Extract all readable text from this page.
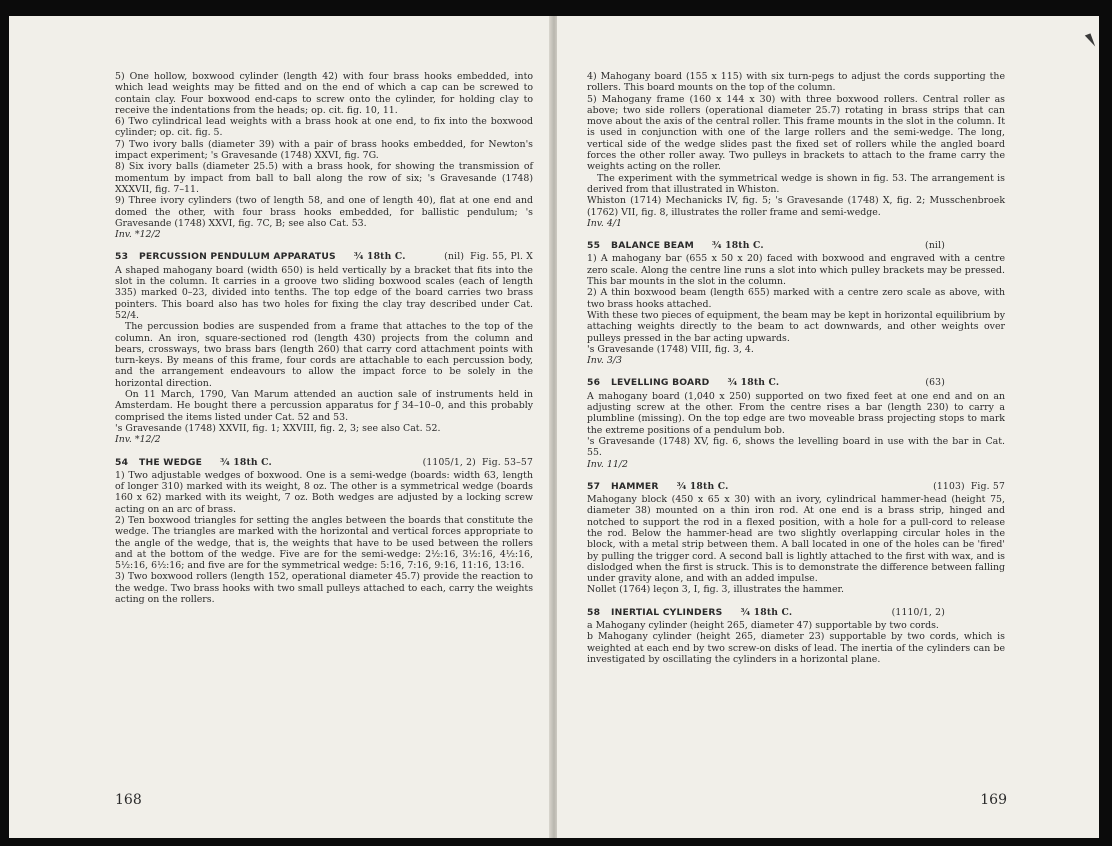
5) One hollow, boxwood cylinder (length 42) with four brass hooks embedded, into which lead weights may be fitted and on the end of which a cap can be screwed to contain clay. Four boxwood end-caps to screw onto the cylinder, for holding clay to receive the indentations from the heads; op. cit. fig. 10, 11.

6) Two cylindrical lead weights with a brass hook at one end, to fix into the boxwood cylinder; op. cit. fig. 5.

7) Two ivory balls (diameter 39) with a pair of brass hooks embedded, for Newton's impact experiment; 's Gravesande (1748) XXVI, fig. 7G.

8) Six ivory balls (diameter 25.5) with a brass hook, for showing the transmission of momentum by impact from ball to ball along the row of six; 's Gravesande (1748) XXXVII, fig. 7–11.

9) Three ivory cylinders (two of length 58, and one of length 40), flat at one end and domed the other, with four brass hooks embedded, for ballistic pendulum; 's Gravesande (1748) XXVI, fig. 7C, B; see also Cat. 53.

Inv. *12/2

53	PERCUSSION PENDULUM APPARATUS ¾ 18th C.	(nil) Fig. 55, Pl. X

A shaped mahogany board (width 650) is held vertically by a bracket that fits into the slot in the column. It carries in a groove two sliding boxwood scales (each of length 335) marked 0–23, divided into tenths. The top edge of the board carries two brass pointers. This board also has two holes for fixing the clay tray described under Cat. 52/4.

The percussion bodies are suspended from a frame that attaches to the top of the column. An iron, square-sectioned rod (length 430) projects from the column and bears, crossways, two brass bars (length 260) that carry cord attachment points with turn-keys. By means of this frame, four cords are attachable to each percussion body, and the arrangement endeavours to allow the impact force to be solely in the horizontal direction.

On 11 March, 1790, Van Marum attended an auction sale of instruments held in Amsterdam. He bought there a percussion apparatus for ƒ 34–10–0, and this probably comprised the items listed under Cat. 52 and 53.

's Gravesande (1748) XXVII, fig. 1; XXVIII, fig. 2, 3; see also Cat. 52.

Inv. *12/2

54	THE WEDGE ¾ 18th C.	(1105/1, 2) Fig. 53–57

1) Two adjustable wedges of boxwood. One is a semi-wedge (boards: width 63, length of longer 310) marked with its weight, 8 oz. The other is a symmetrical wedge (boards 160 x 62) marked with its weight, 7 oz. Both wedges are adjusted by a locking screw acting on an arc of brass.

2) Ten boxwood triangles for setting the angles between the boards that constitute the wedge. The triangles are marked with the horizontal and vertical forces appropriate to the angle of the wedge, that is, the weights that have to be used between the rollers and at the bottom of the wedge. Five are for the semi-wedge: 2½:16, 3½:16, 4½:16, 5½:16, 6½:16; and five are for the symmetrical wedge: 5:16, 7:16, 9:16, 11:16, 13:16.

3) Two boxwood rollers (length 152, operational diameter 45.7) provide the reaction to the wedge. Two brass hooks with two small pulleys attached to each, carry the weights acting on the rollers.

168

4) Mahogany board (155 x 115) with six turn-pegs to adjust the cords supporting the rollers. This board mounts on the top of the column.

5) Mahogany frame (160 x 144 x 30) with three boxwood rollers. Central roller as above; two side rollers (operational diameter 25.7) rotating in brass strips that can move about the axis of the central roller. This frame mounts in the slot in the column. It is used in conjunction with one of the large rollers and the semi-wedge. The long, vertical side of the wedge slides past the fixed set of rollers while the angled board forces the other roller away. Two pulleys in brackets to attach to the frame carry the weights acting on the roller.

The experiment with the symmetrical wedge is shown in fig. 53. The arrangement is derived from that illustrated in Whiston.

Whiston (1714) Mechanicks IV, fig. 5; 's Gravesande (1748) X, fig. 2; Musschenbroek (1762) VII, fig. 8, illustrates the roller frame and semi-wedge.

Inv. 4/1

55	BALANCE BEAM ¾ 18th C.	(nil)

1) A mahogany bar (655 x 50 x 20) faced with boxwood and engraved with a centre zero scale. Along the centre line runs a slot into which pulley brackets may be pressed. This bar mounts in the slot in the column.

2) A thin boxwood beam (length 655) marked with a centre zero scale as above, with two brass hooks attached.

With these two pieces of equipment, the beam may be kept in horizontal equilibrium by attaching weights directly to the beam to act downwards, and other weights over pulleys pressed in the bar acting upwards.

's Gravesande (1748) VIII, fig. 3, 4.

Inv. 3/3

56	LEVELLING BOARD ¾ 18th C.	(63)

A mahogany board (1,040 x 250) supported on two fixed feet at one end and on an adjusting screw at the other. From the centre rises a bar (length 230) to carry a plumbline (missing). On the top edge are two moveable brass projecting stops to mark the extreme positions of a pendulum bob.

's Gravesande (1748) XV, fig. 6, shows the levelling board in use with the bar in Cat. 55.

Inv. 11/2

57	HAMMER ¾ 18th C.	(1103) Fig. 57

Mahogany block (450 x 65 x 30) with an ivory, cylindrical hammer-head (height 75, diameter 38) mounted on a thin iron rod. At one end is a brass strip, hinged and notched to support the rod in a flexed position, with a hole for a pull-cord to release the rod. Below the hammer-head are two slightly overlapping circular holes in the block, with a metal strip between them. A ball located in one of the holes can be 'fired' by pulling the trigger cord. A second ball is lightly attached to the first with wax, and is dislodged when the first is struck. This is to demonstrate the difference between falling under gravity alone, and with an added impulse.

Nollet (1764) leçon 3, I, fig. 3, illustrates the hammer.

58	INERTIAL CYLINDERS ¾ 18th C.	(1110/1, 2)

a Mahogany cylinder (height 265, diameter 47) supportable by two cords.

b Mahogany cylinder (height 265, diameter 23) supportable by two cords, which is weighted at each end by two screw-on disks of lead. The inertia of the cylinders can be investigated by oscillating the cylinders in a horizontal plane.

169
